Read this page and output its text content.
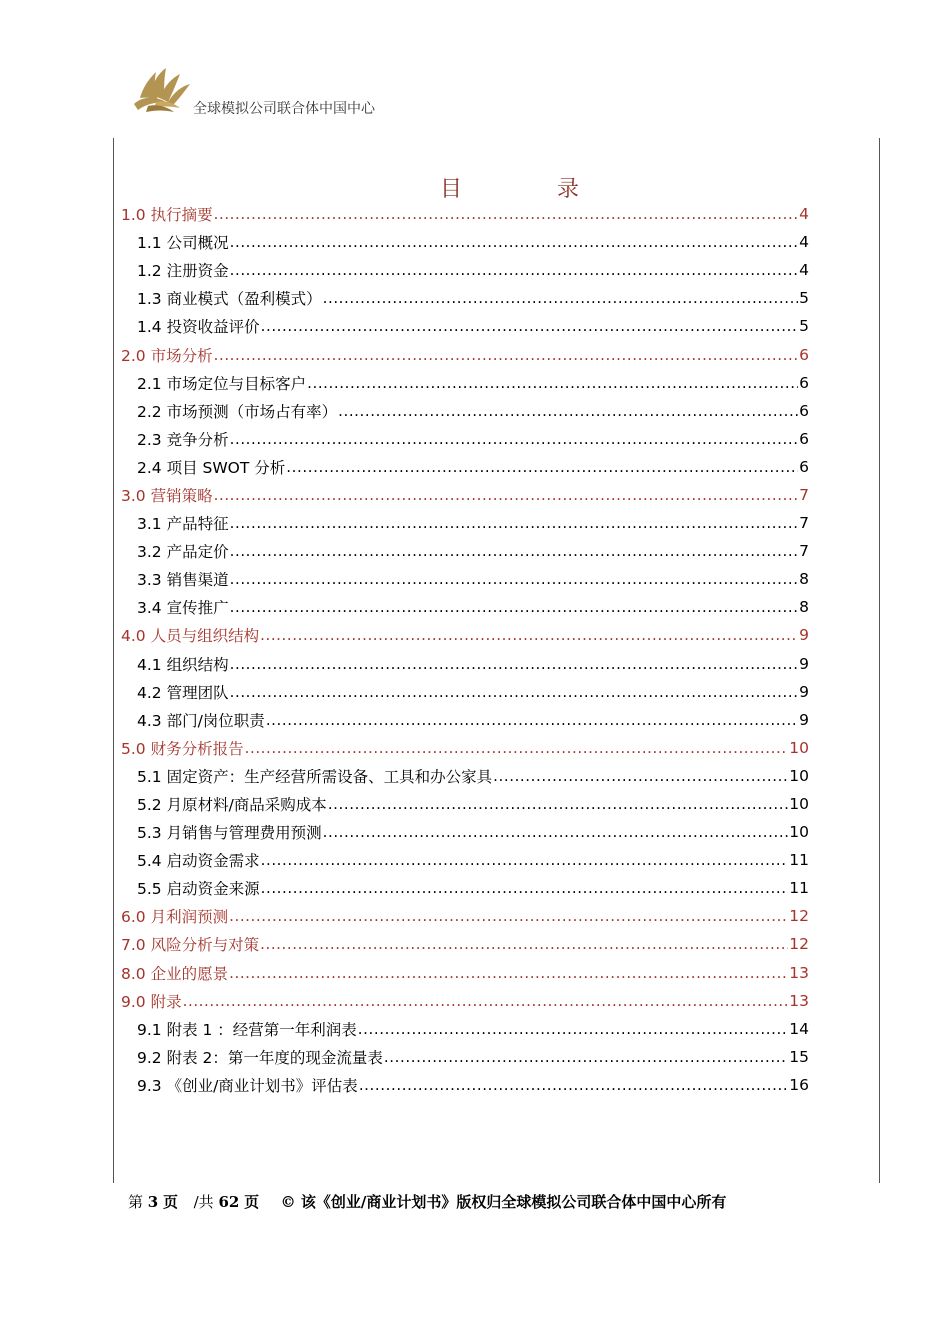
全球模拟公司联合体中国中心
目 录
1.0 执行摘要 .....	4
1.1 公司概况 .....	4
1.2 注册资金 .....	4
1.3 商业模式（盈利模式） .....	5
1.4 投资收益评价 .....	5
2.0 市场分析 .....	6
2.1 市场定位与目标客户 .....	6
2.2 市场预测（市场占有率） .....	6
2.3 竞争分析 .....	6
2.4 项目 SWOT 分析 .....	6
3.0 营销策略 .....	7
3.1 产品特征 .....	7
3.2 产品定价 .....	7
3.3 销售渠道 .....	8
3.4 宣传推广 .....	8
4.0 人员与组织结构 .....	9
4.1 组织结构 .....	9
4.2 管理团队 .....	9
4.3 部门/岗位职责 .....	9
5.0 财务分析报告 .....	10
5.1 固定资产：生产经营所需设备、工具和办公家具 .....	10
5.2 月原材料/商品采购成本 .....	10
5.3 月销售与管理费用预测 .....	10
5.4 启动资金需求 .....	11
5.5 启动资金来源 .....	11
6.0 月利润预测 .....	12
7.0 风险分析与对策 .....	12
8.0 企业的愿景 .....	13
9.0 附录 .....	13
9.1 附表 1 ：经营第一年利润表 .....	14
9.2 附表 2：第一年度的现金流量表 .....	15
9.3 《创业/商业计划书》评估表 .....	16
第 3 页 /共 62 页 © 该《创业/商业计划书》版权归全球模拟公司联合体中国中心所有
